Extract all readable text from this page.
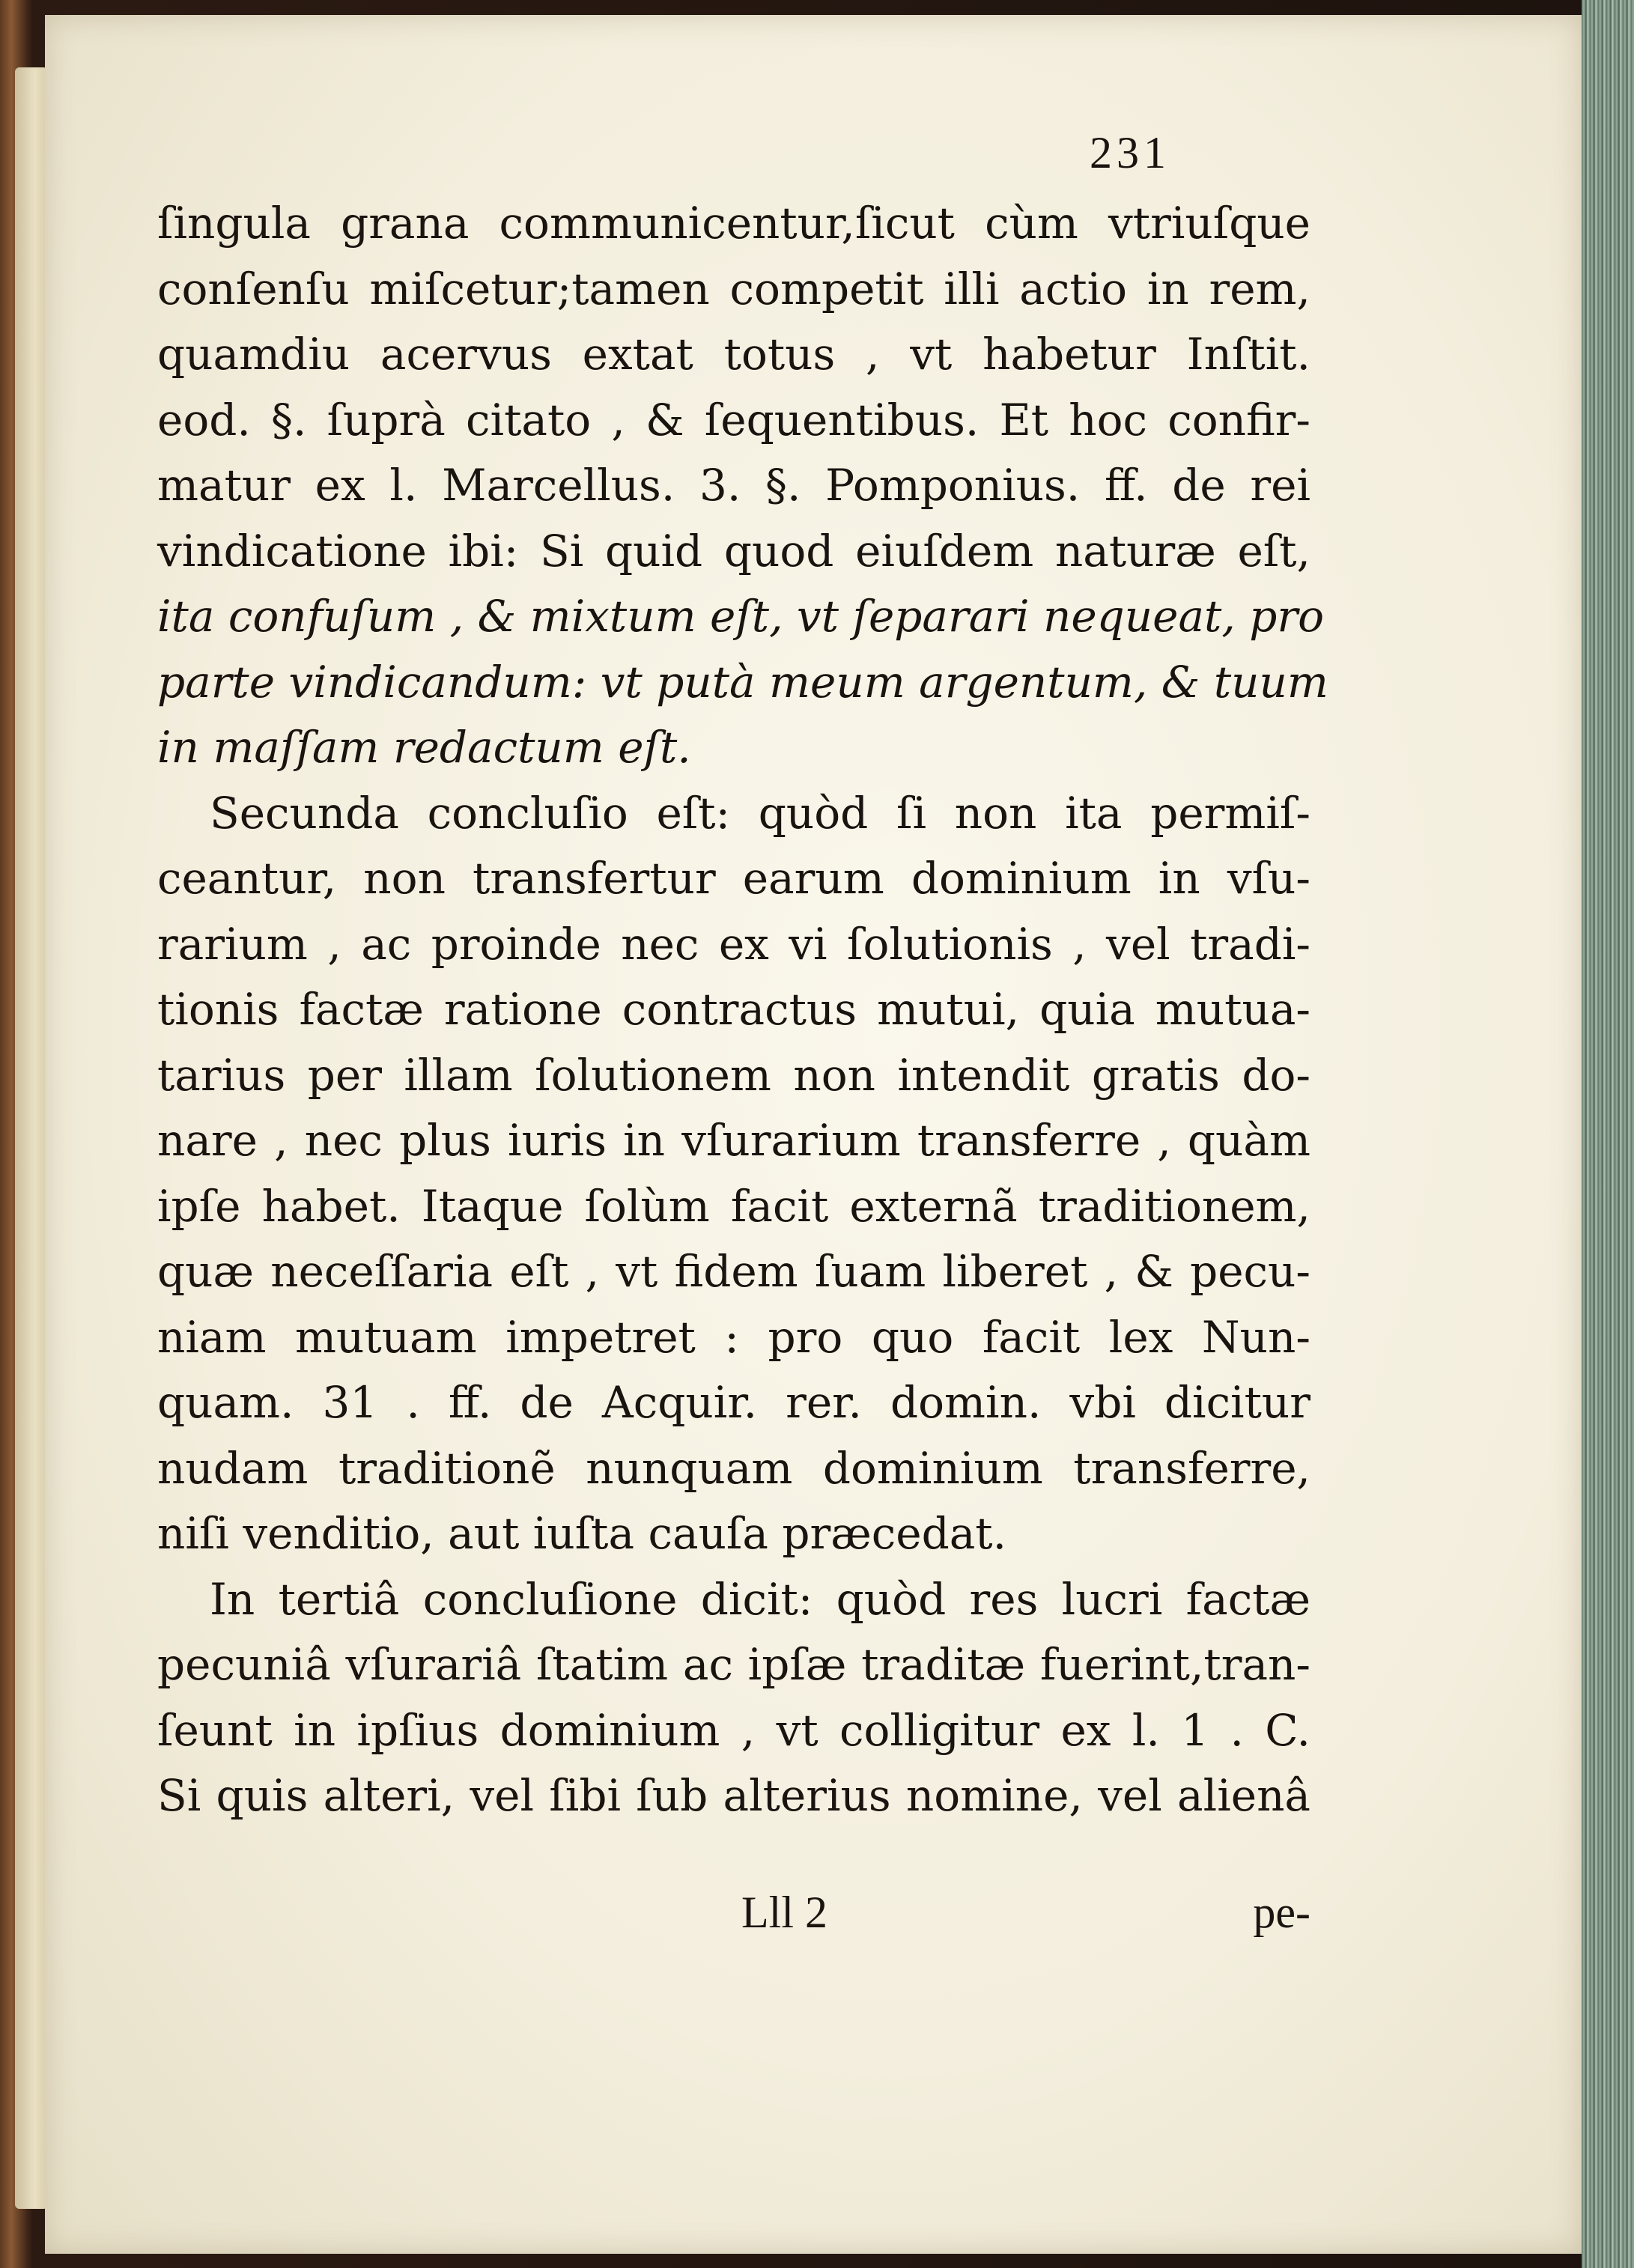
231
ſingula grana communicentur,ſicut cùm vtriuſque
conſenſu miſcetur;tamen competit illi actio in rem,
quamdiu acervus extat totus , vt habetur Inſtit.
eod. §. ſuprà citato , & ſequentibus. Et hoc confir-
matur ex l. Marcellus. 3. §. Pomponius. ff. de rei
vindicatione ibi: Si quid quod eiuſdem naturæ eſt,
ita confuſum , & mixtum eſt, vt ſeparari nequeat, pro
parte vindicandum: vt putà meum argentum, & tuum
in maſſam redactum eſt.
Secunda concluſio eſt: quòd ſi non ita permiſ-
ceantur, non transfertur earum dominium in vſu-
rarium , ac proinde nec ex vi ſolutionis , vel tradi-
tionis factæ ratione contractus mutui, quia mutua-
tarius per illam ſolutionem non intendit gratis do-
nare , nec plus iuris in vſurarium transferre , quàm
ipſe habet. Itaque ſolùm facit externã traditionem,
quæ neceſſaria eſt , vt fidem ſuam liberet , & pecu-
niam mutuam impetret : pro quo facit lex Nun-
quam. 31 . ff. de Acquir. rer. domin. vbi dicitur
nudam traditionẽ nunquam dominium transferre,
niſi venditio, aut iuſta cauſa præcedat.
In tertiâ concluſione dicit: quòd res lucri factæ
pecuniâ vſurariâ ſtatim ac ipſæ traditæ fuerint,tran-
ſeunt in ipſius dominium , vt colligitur ex l. 1 . C.
Si quis alteri, vel ſibi ſub alterius nomine, vel alienâ
Lll 2	pe-
